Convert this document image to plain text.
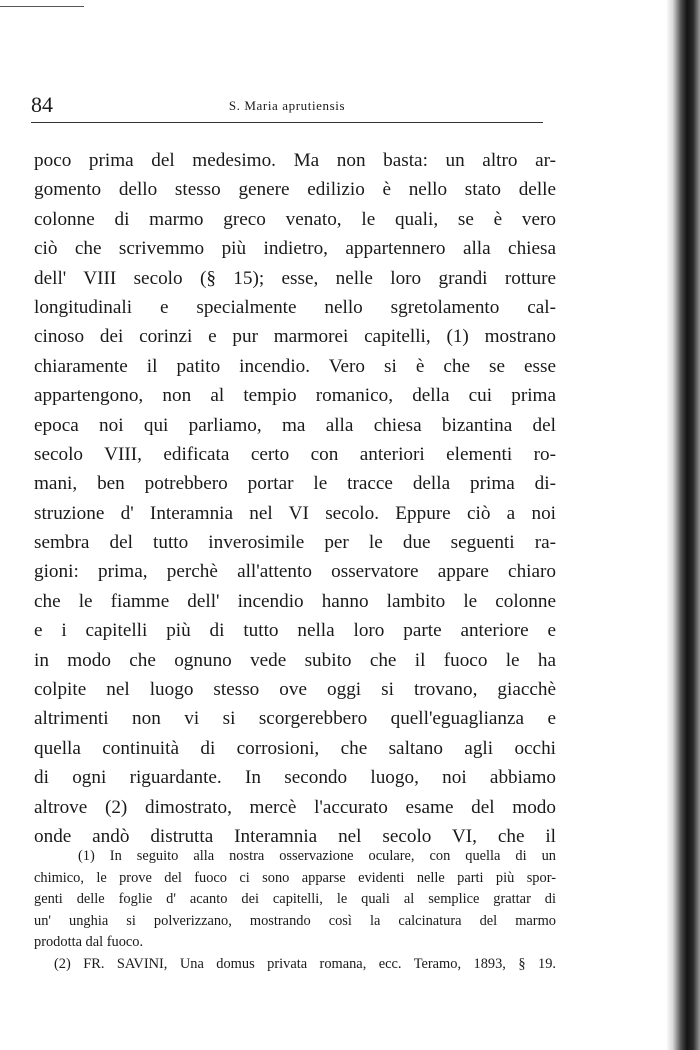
84	S. Maria aprutiensis
poco prima del medesimo. Ma non basta: un altro ar-
gomento dello stesso genere edilizio è nello stato delle
colonne di marmo greco venato, le quali, se è vero
ciò che scrivemmo più indietro, appartennero alla chiesa
dell' VIII secolo (§ 15); esse, nelle loro grandi rotture
longitudinali e specialmente nello sgretolamento cal-
cinoso dei corinzi e pur marmorei capitelli, (1) mostrano
chiaramente il patito incendio. Vero si è che se esse
appartengono, non al tempio romanico, della cui prima
epoca noi qui parliamo, ma alla chiesa bizantina del
secolo VIII, edificata certo con anteriori elementi ro-
mani, ben potrebbero portar le tracce della prima di-
struzione d' Interamnia nel VI secolo. Eppure ciò a noi
sembra del tutto inverosimile per le due seguenti ra-
gioni: prima, perchè all'attento osservatore appare chiaro
che le fiamme dell' incendio hanno lambito le colonne
e i capitelli più di tutto nella loro parte anteriore e
in modo che ognuno vede subito che il fuoco le ha
colpite nel luogo stesso ove oggi si trovano, giacchè
altrimenti non vi si scorgerebbero quell'eguaglianza e
quella continuità di corrosioni, che saltano agli occhi
di ogni riguardante. In secondo luogo, noi abbiamo
altrove (2) dimostrato, mercè l'accurato esame del modo
onde andò distrutta Interamnia nel secolo VI, che il
(1) In seguito alla nostra osservazione oculare, con quella di un
chimico, le prove del fuoco ci sono apparse evidenti nelle parti più spor-
genti delle foglie d' acanto dei capitelli, le quali al semplice grattar di
un' unghia si polverizzano, mostrando così la calcinatura del marmo
prodotta dal fuoco.
(2) FR. SAVINI, Una domus privata romana, ecc. Teramo, 1893, § 19.
